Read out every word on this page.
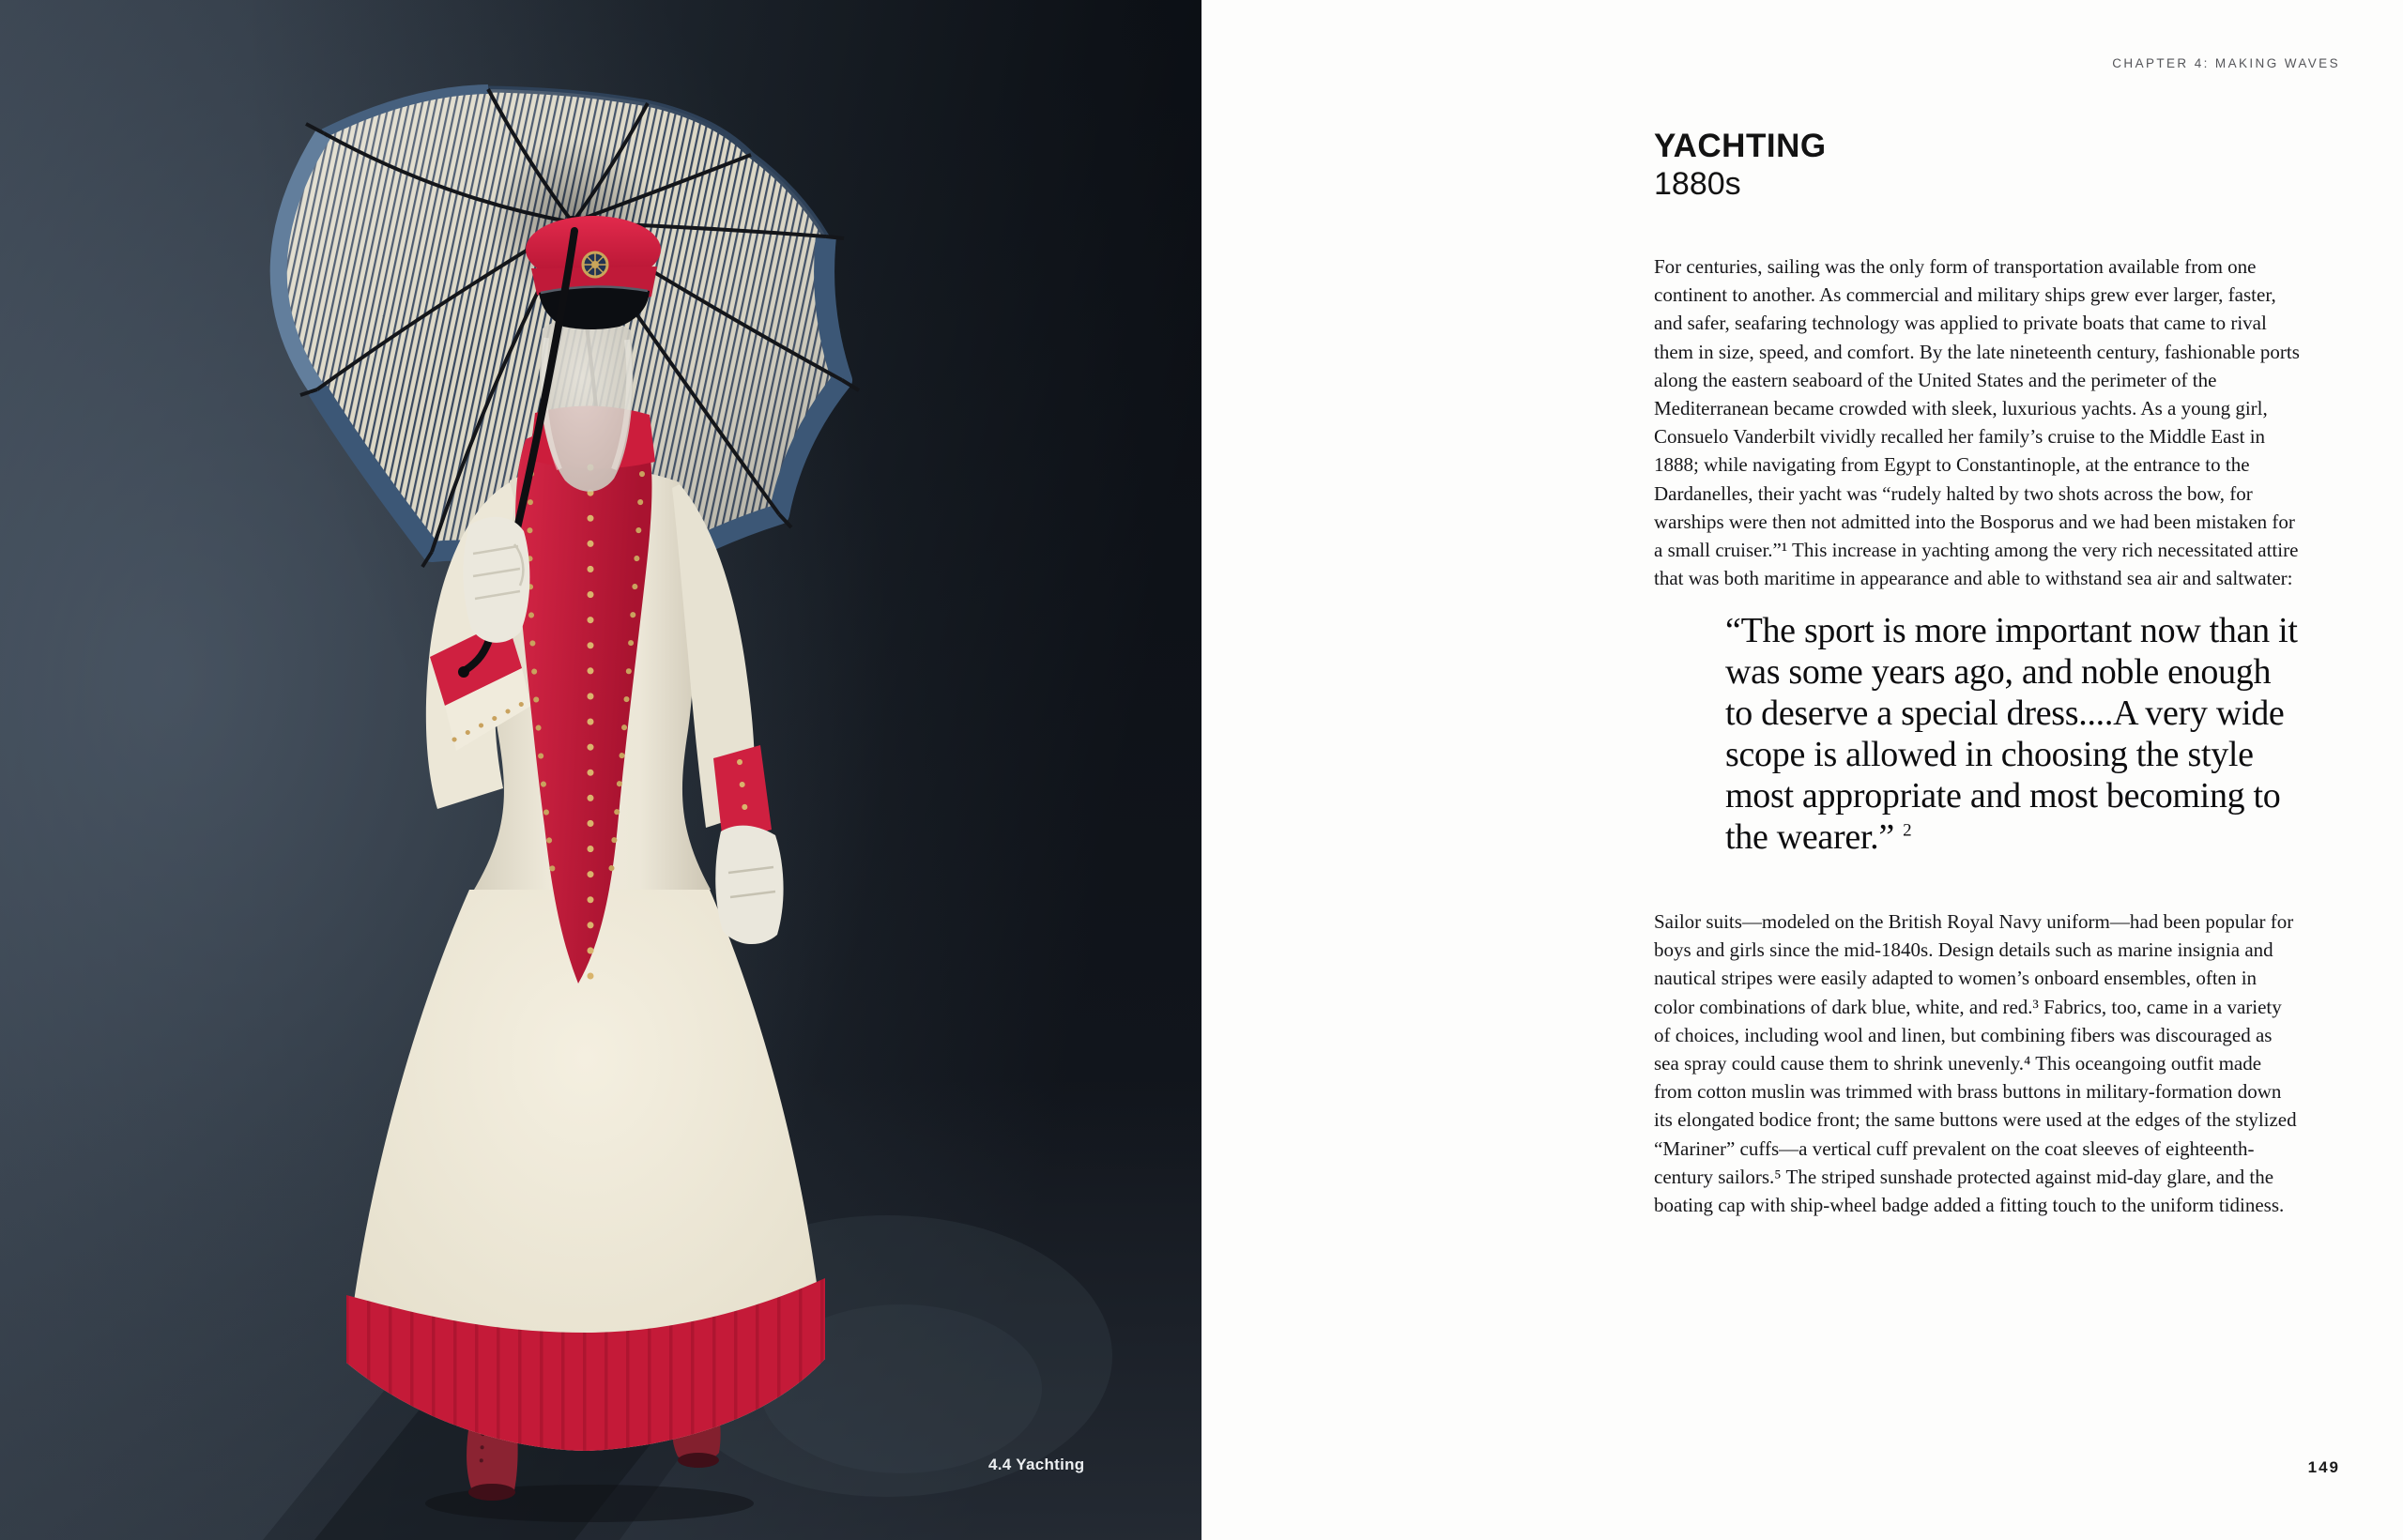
4.4 Yachting
CHAPTER 4: MAKING WAVES
YACHTING
1880s

For centuries, sailing was the only form of transportation available from one continent to another. As commercial and military ships grew ever larger, faster, and safer, seafaring technology was applied to private boats that came to rival them in size, speed, and comfort. By the late nineteenth century, fashionable ports along the eastern seaboard of the United States and the perimeter of the Mediterranean became crowded with sleek, luxurious yachts. As a young girl, Consuelo Vanderbilt vividly recalled her family’s cruise to the Middle East in 1888; while navigating from Egypt to Constantinople, at the entrance to the Dardanelles, their yacht was “rudely halted by two shots across the bow, for warships were then not admitted into the Bosporus and we had been mistaken for a small cruiser.”¹ This increase in yachting among the very rich necessitated attire that was both maritime in appearance and able to withstand sea air and saltwater:

“The sport is more important now than it was some years ago, and noble enough to deserve a special dress....A very wide scope is allowed in choosing the style most appropriate and most becoming to the wearer.” $^2$

Sailor suits—modeled on the British Royal Navy uniform—had been popular for boys and girls since the mid-1840s. Design details such as marine insignia and nautical stripes were easily adapted to women’s onboard ensembles, often in color combinations of dark blue, white, and red.³ Fabrics, too, came in a variety of choices, including wool and linen, but combining fibers was discouraged as sea spray could cause them to shrink unevenly.⁴ This oceangoing outfit made from cotton muslin was trimmed with brass buttons in military-formation down its elongated bodice front; the same buttons were used at the edges of the stylized “Mariner” cuffs—a vertical cuff prevalent on the coat sleeves of eighteenth-century sailors.⁵ The striped sunshade protected against mid-day glare, and the boating cap with ship-wheel badge added a fitting touch to the uniform tidiness.

149
